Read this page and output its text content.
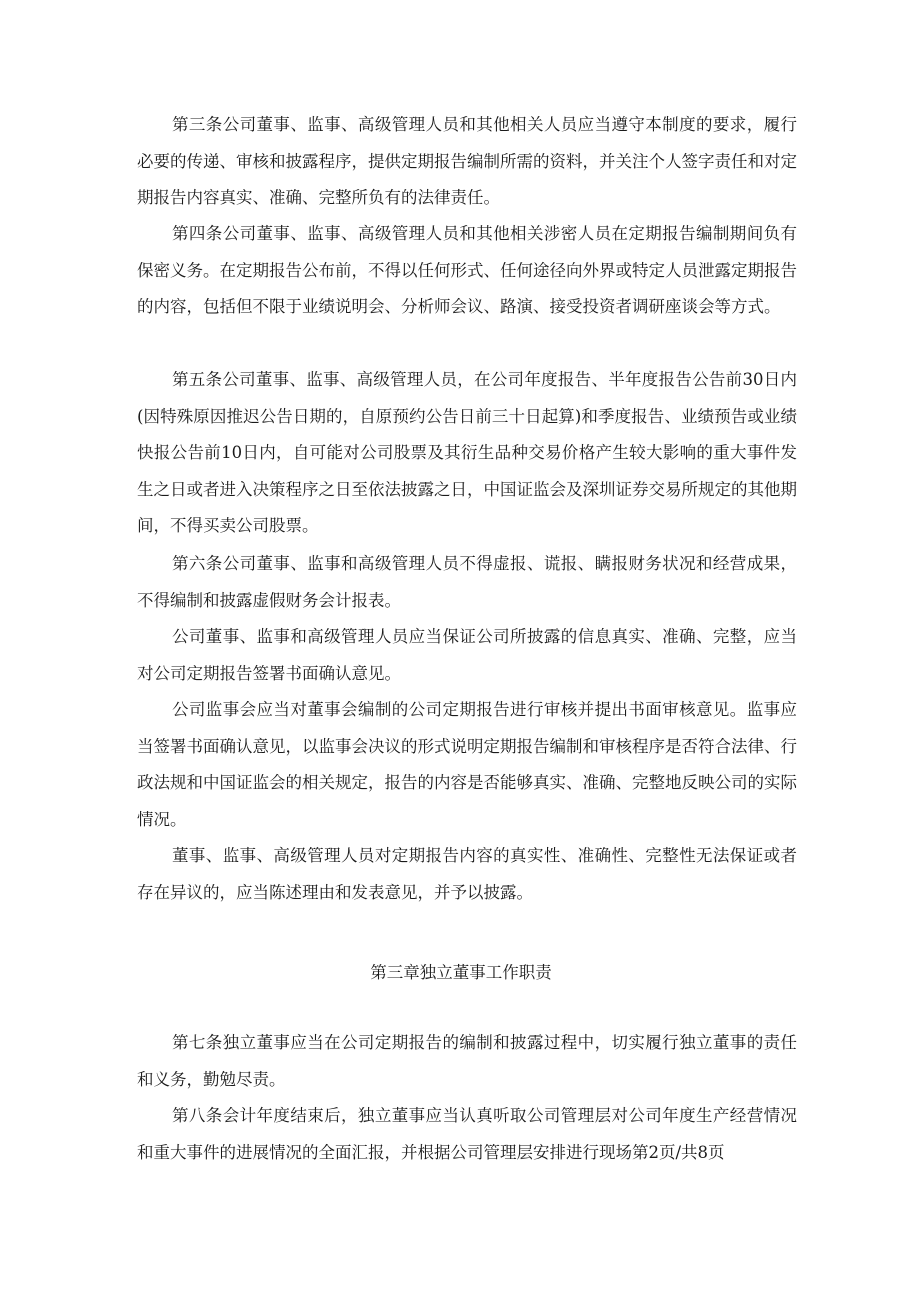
第三条公司董事、监事、高级管理人员和其他相关人员应当遵守本制度的要求，履行必要的传递、审核和披露程序，提供定期报告编制所需的资料，并关注个人签字责任和对定期报告内容真实、准确、完整所负有的法律责任。

第四条公司董事、监事、高级管理人员和其他相关涉密人员在定期报告编制期间负有保密义务。在定期报告公布前，不得以任何形式、任何途径向外界或特定人员泄露定期报告的内容，包括但不限于业绩说明会、分析师会议、路演、接受投资者调研座谈会等方式。

第五条公司董事、监事、高级管理人员，在公司年度报告、半年度报告公告前30日内(因特殊原因推迟公告日期的，自原预约公告日前三十日起算)和季度报告、业绩预告或业绩快报公告前10日内，自可能对公司股票及其衍生品种交易价格产生较大影响的重大事件发生之日或者进入决策程序之日至依法披露之日，中国证监会及深圳证券交易所规定的其他期间，不得买卖公司股票。

第六条公司董事、监事和高级管理人员不得虚报、谎报、瞒报财务状况和经营成果，不得编制和披露虚假财务会计报表。

公司董事、监事和高级管理人员应当保证公司所披露的信息真实、准确、完整，应当对公司定期报告签署书面确认意见。

公司监事会应当对董事会编制的公司定期报告进行审核并提出书面审核意见。监事应当签署书面确认意见，以监事会决议的形式说明定期报告编制和审核程序是否符合法律、行政法规和中国证监会的相关规定，报告的内容是否能够真实、准确、完整地反映公司的实际情况。

董事、监事、高级管理人员对定期报告内容的真实性、准确性、完整性无法保证或者存在异议的，应当陈述理由和发表意见，并予以披露。

第三章独立董事工作职责

第七条独立董事应当在公司定期报告的编制和披露过程中，切实履行独立董事的责任和义务，勤勉尽责。

第八条会计年度结束后，独立董事应当认真听取公司管理层对公司年度生产经营情况和重大事件的进展情况的全面汇报，并根据公司管理层安排进行现场第2页/共8页
